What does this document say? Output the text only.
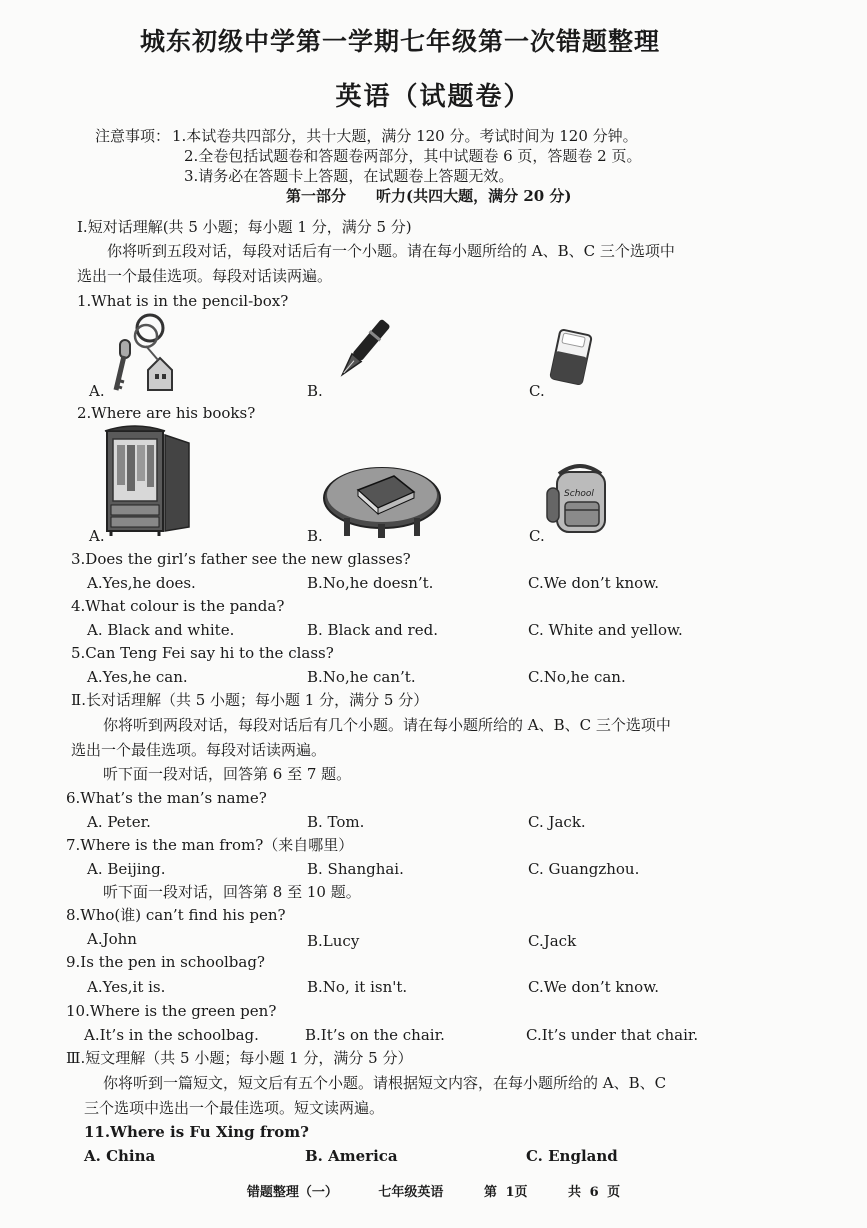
城东初级中学第一学期七年级第一次错题整理
英语（试题卷）
注意事项： 1.本试卷共四部分，共十大题，满分 120 分。考试时间为 120 分钟。
2.全卷包括试题卷和答题卷两部分，其中试题卷 6 页，答题卷 2 页。
3.请务必在答题卡上答题，在试题卷上答题无效。
第一部分　　听力(共四大题，满分 20 分)
I.短对话理解(共 5 小题；每小题 1 分，满分 5 分)
你将听到五段对话，每段对话后有一个小题。请在每小题所给的 A、B、C 三个选项中
选出一个最佳选项。每段对话读两遍。
1.What is in the pencil-box?
A.	B.	C.
2.Where are his books?
A.	B.
School
C.
3.Does the girl’s father see the new glasses?
A.Yes,he does.	B.No,he doesn’t.	C.We don’t know.
4.What colour is the panda?
A. Black and white.	B. Black and red.	C. White and yellow.
5.Can Teng Fei say hi to the class?
A.Yes,he can.	B.No,he can’t.	C.No,he can.
Ⅱ.长对话理解（共 5 小题；每小题 1 分，满分 5 分）
你将听到两段对话，每段对话后有几个小题。请在每小题所给的 A、B、C 三个选项中
选出一个最佳选项。每段对话读两遍。
听下面一段对话，回答第 6 至 7 题。
6.What’s the man’s name?
A. Peter.	B. Tom.	C. Jack.
7.Where is the man from?（来自哪里）
A. Beijing.	B. Shanghai.	C. Guangzhou.
听下面一段对话，回答第 8 至 10 题。
8.Who(谁) can’t find his pen?
A.John	B.Lucy	C.Jack
9.Is the pen in schoolbag?
A.Yes,it is.	B.No, it isn't.	C.We don’t know.
10.Where is the green pen?
A.It’s in the schoolbag.	B.It’s on the chair.	C.It’s under that chair.
Ⅲ.短文理解（共 5 小题；每小题 1 分，满分 5 分）
你将听到一篇短文，短文后有五个小题。请根据短文内容，在每小题所给的 A、B、C
三个选项中选出一个最佳选项。短文读两遍。
11.Where is Fu Xing from?
A. China	B. America	C. England
错题整理（一）	七年级英语	第 1页	共 6 页
